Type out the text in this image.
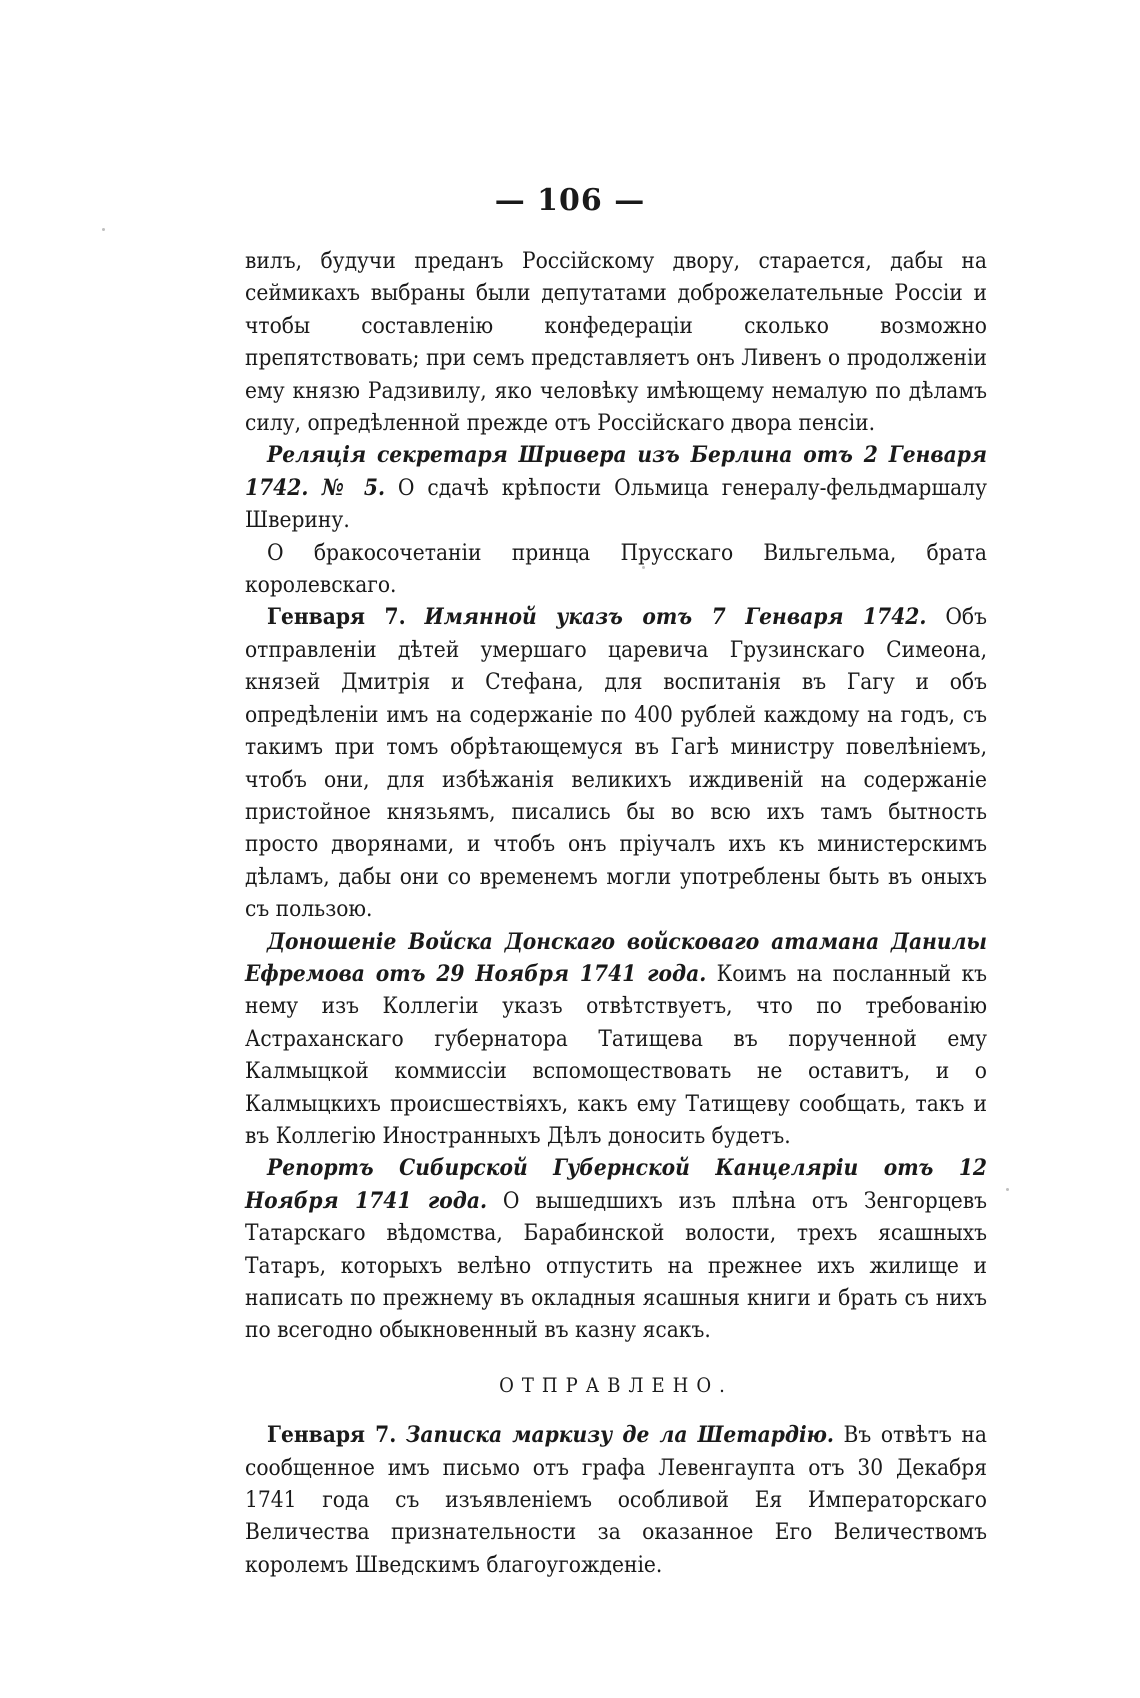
— 106 —

вилъ, будучи преданъ Россійскому двору, старается, дабы на сеймикахъ выбраны были депутатами доброжелательные Россіи и чтобы составленію конфедераціи сколько возможно препятствовать; при семъ представляетъ онъ Ливенъ о продолженіи ему князю Радзивилу, яко человѣку имѣющему немалую по дѣламъ силу, опредѣленной прежде отъ Россійскаго двора пенсіи.

Реляція секретаря Шривера изъ Берлина отъ 2 Генваря 1742. № 5. О сдачѣ крѣпости Ольмица генералу-фельдмаршалу Шверину.

О бракосочетаніи принца Прусскаго Вильгельма, брата королевскаго.

Генваря 7. Имянной указъ отъ 7 Генваря 1742. Объ отправленіи дѣтей умершаго царевича Грузинскаго Симеона, князей Дмитрія и Стефана, для воспитанія въ Гагу и объ опредѣленіи имъ на содержаніе по 400 рублей каждому на годъ, съ такимъ при томъ обрѣтающемуся въ Гагѣ министру повелѣніемъ, чтобъ они, для избѣжанія великихъ иждивеній на содержаніе пристойное князьямъ, писались бы во всю ихъ тамъ бытность просто дворянами, и чтобъ онъ пріучалъ ихъ къ министерскимъ дѣламъ, дабы они со временемъ могли употреблены быть въ оныхъ съ пользою.

Доношеніе Войска Донскаго войсковаго атамана Данилы Ефремова отъ 29 Ноября 1741 года. Коимъ на посланный къ нему изъ Коллегіи указъ отвѣтствуетъ, что по требованію Астраханскаго губернатора Татищева въ порученной ему Калмыцкой коммиссіи вспомоществовать не оставитъ, и о Калмыцкихъ происшествіяхъ, какъ ему Татищеву сообщать, такъ и въ Коллегію Иностранныхъ Дѣлъ доносить будетъ.

Репортъ Сибирской Губернской Канцеляріи отъ 12 Ноября 1741 года. О вышедшихъ изъ плѣна отъ Зенгорцевъ Татарскаго вѣдомства, Барабинской волости, трехъ ясашныхъ Татаръ, которыхъ велѣно отпустить на прежнее ихъ жилище и написать по прежнему въ окладныя ясашныя книги и брать съ нихъ по всегодно обыкновенный въ казну ясакъ.

ОТПРАВЛЕНО.

Генваря 7. Записка маркизу де ла Шетардію. Въ отвѣтъ на сообщенное имъ письмо отъ графа Левенгаупта отъ 30 Декабря 1741 года съ изъявленіемъ особливой Ея Императорскаго Величества признательности за оказанное Его Величествомъ королемъ Шведскимъ благоугожденіе.
